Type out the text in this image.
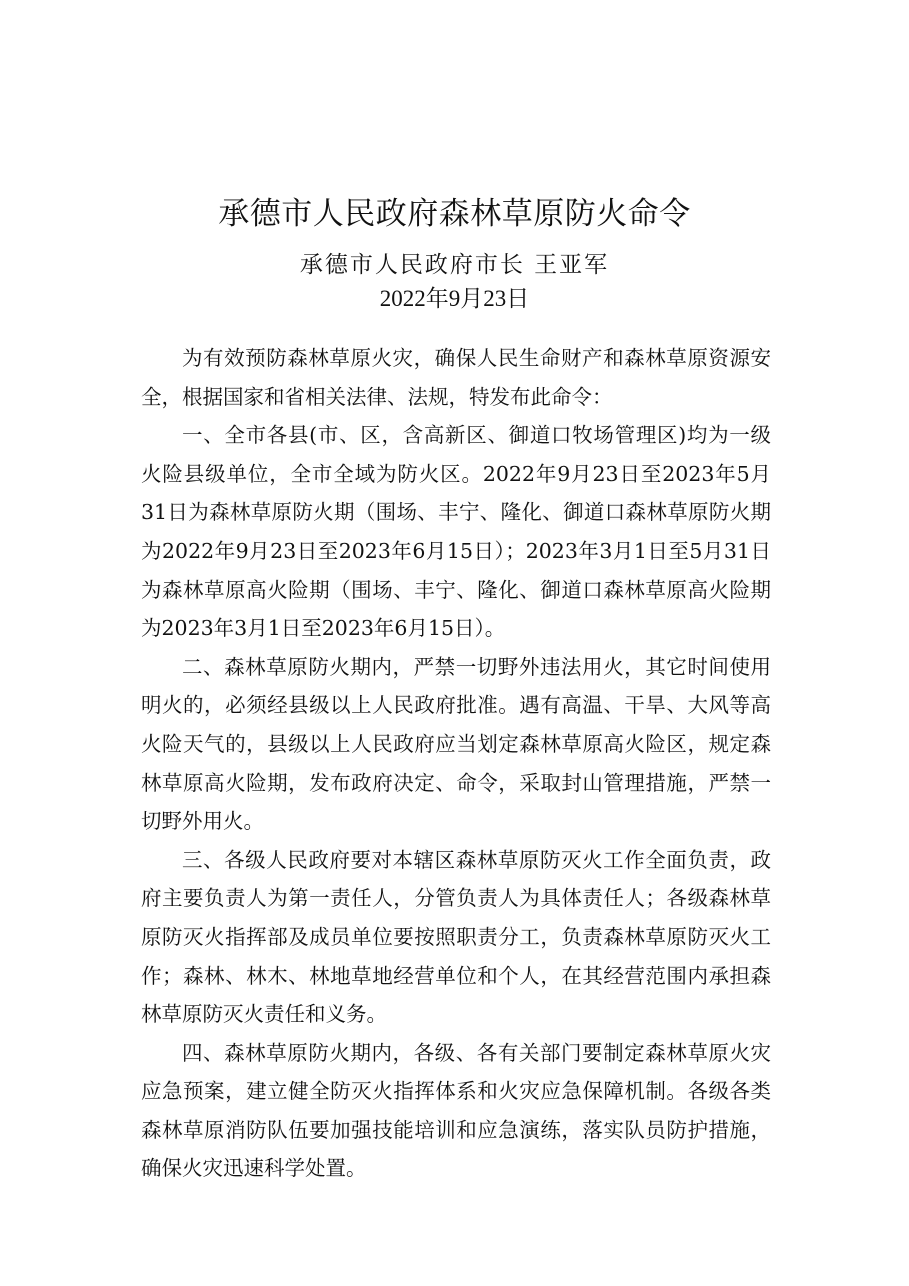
承德市人民政府森林草原防火命令
承德市人民政府市长 王亚军
2022年9月23日

为有效预防森林草原火灾，确保人民生命财产和森林草原资源安全，根据国家和省相关法律、法规，特发布此命令：

一、全市各县(市、区，含高新区、御道口牧场管理区)均为一级火险县级单位，全市全域为防火区。2022年9月23日至2023年5月31日为森林草原防火期（围场、丰宁、隆化、御道口森林草原防火期为2022年9月23日至2023年6月15日）；2023年3月1日至5月31日为森林草原高火险期（围场、丰宁、隆化、御道口森林草原高火险期为2023年3月1日至2023年6月15日）。

二、森林草原防火期内，严禁一切野外违法用火，其它时间使用明火的，必须经县级以上人民政府批准。遇有高温、干旱、大风等高火险天气的，县级以上人民政府应当划定森林草原高火险区，规定森林草原高火险期，发布政府决定、命令，采取封山管理措施，严禁一切野外用火。

三、各级人民政府要对本辖区森林草原防灭火工作全面负责，政府主要负责人为第一责任人，分管负责人为具体责任人；各级森林草原防灭火指挥部及成员单位要按照职责分工，负责森林草原防灭火工作；森林、林木、林地草地经营单位和个人，在其经营范围内承担森林草原防灭火责任和义务。

四、森林草原防火期内，各级、各有关部门要制定森林草原火灾应急预案，建立健全防灭火指挥体系和火灾应急保障机制。各级各类森林草原消防队伍要加强技能培训和应急演练，落实队员防护措施，确保火灾迅速科学处置。
